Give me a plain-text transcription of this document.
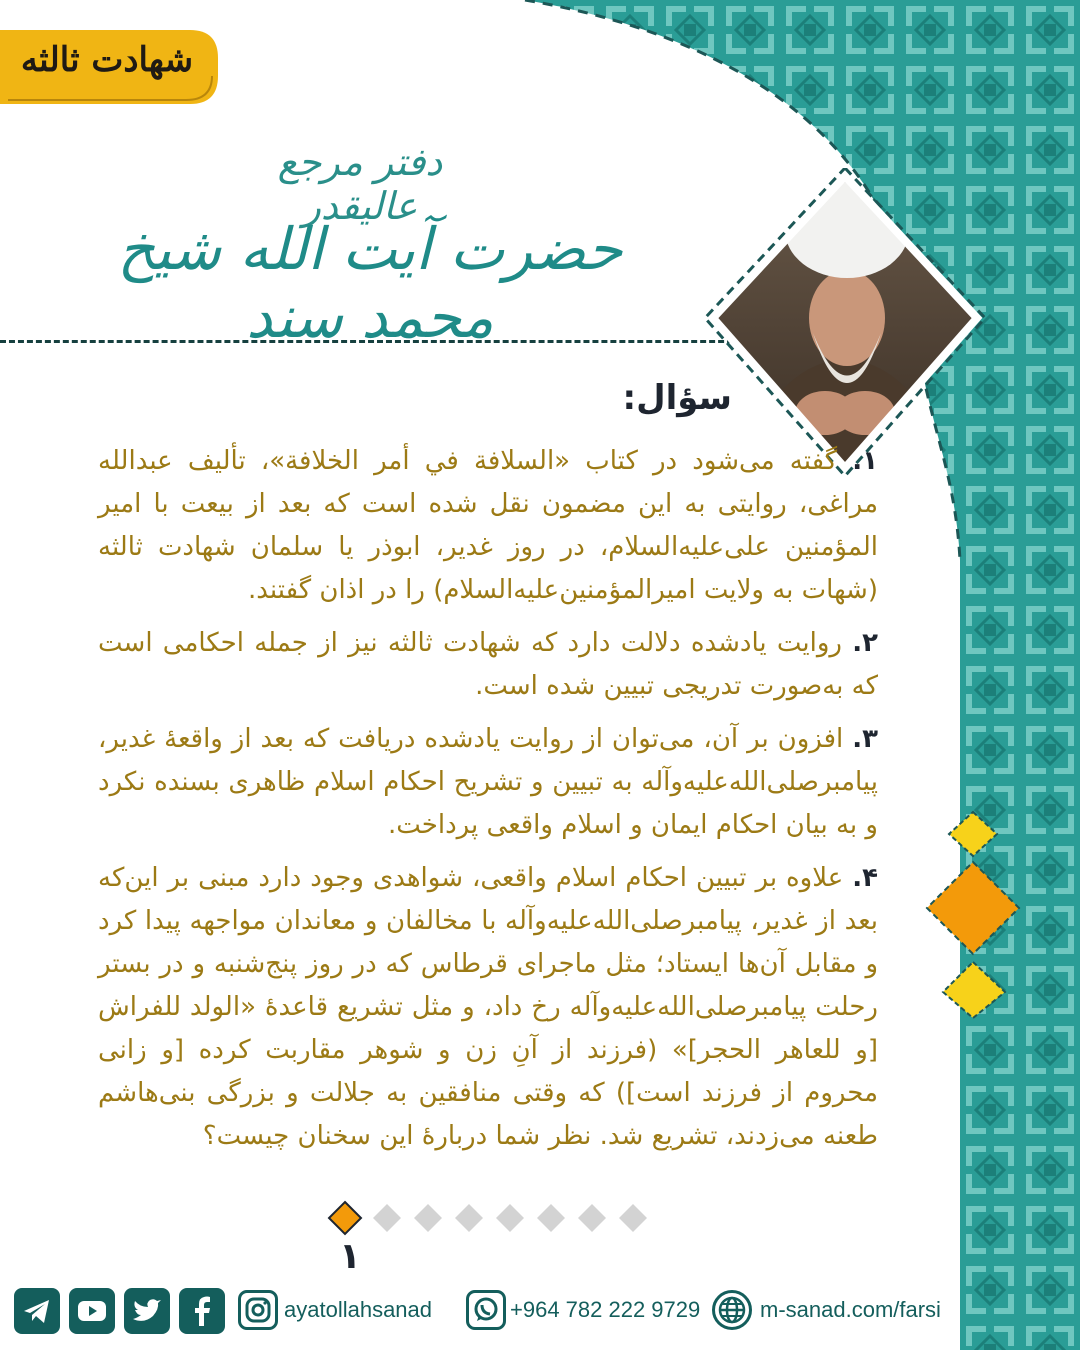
شهادت ثالثه
دفتر مرجع عالیقدر
حضرت آیت الله شیخ محمد سند
سؤال:

۱. گفته می‌شود در کتاب «السلافة في أمر الخلافة»، تألیف عبدالله مراغی، روایتی به این مضمون نقل شده است که بعد از بیعت با امیر المؤمنین علی‌علیه‌السلام، در روز غدیر، ابوذر یا سلمان شهادت ثالثه (شهات به ولایت امیرالمؤمنین‌علیه‌السلام) را در اذان گفتند.

۲. روایت یادشده دلالت دارد که شهادت ثالثه نیز از جمله احکامی است که به‌صورت تدریجی تبیین شده است.

۳. افزون بر آن، می‌توان از روایت یادشده دریافت که بعد از واقعهٔ غدیر، پیامبرصلی‌الله‌علیه‌وآله به تبیین و تشریح احکام اسلام ظاهری بسنده نکرد و به بیان احکام ایمان و اسلام واقعی پرداخت.

۴. علاوه بر تبیین احکام اسلام واقعی، شواهدی وجود دارد مبنی بر این‌که بعد از غدیر، پیامبرصلی‌الله‌علیه‌وآله با مخالفان و معاندان مواجهه پیدا کرد و مقابل آن‌ها ایستاد؛ مثل ماجرای قرطاس که در روز پنج‌شنبه و در بستر رحلت پیامبرصلی‌الله‌علیه‌وآله رخ داد، و مثل تشریع قاعدهٔ «الولد للفراش [و للعاهر الحجر]» (فرزند از آنِ زن و شوهر مقاربت کرده [و زانی محروم از فرزند است]) که وقتی منافقین به جلالت و بزرگی بنی‌هاشم طعنه می‌زدند، تشریع شد. نظر شما دربارهٔ این سخنان چیست؟

۱
ayatollahsanad	+964 782 222 9729	m-sanad.com/farsi
